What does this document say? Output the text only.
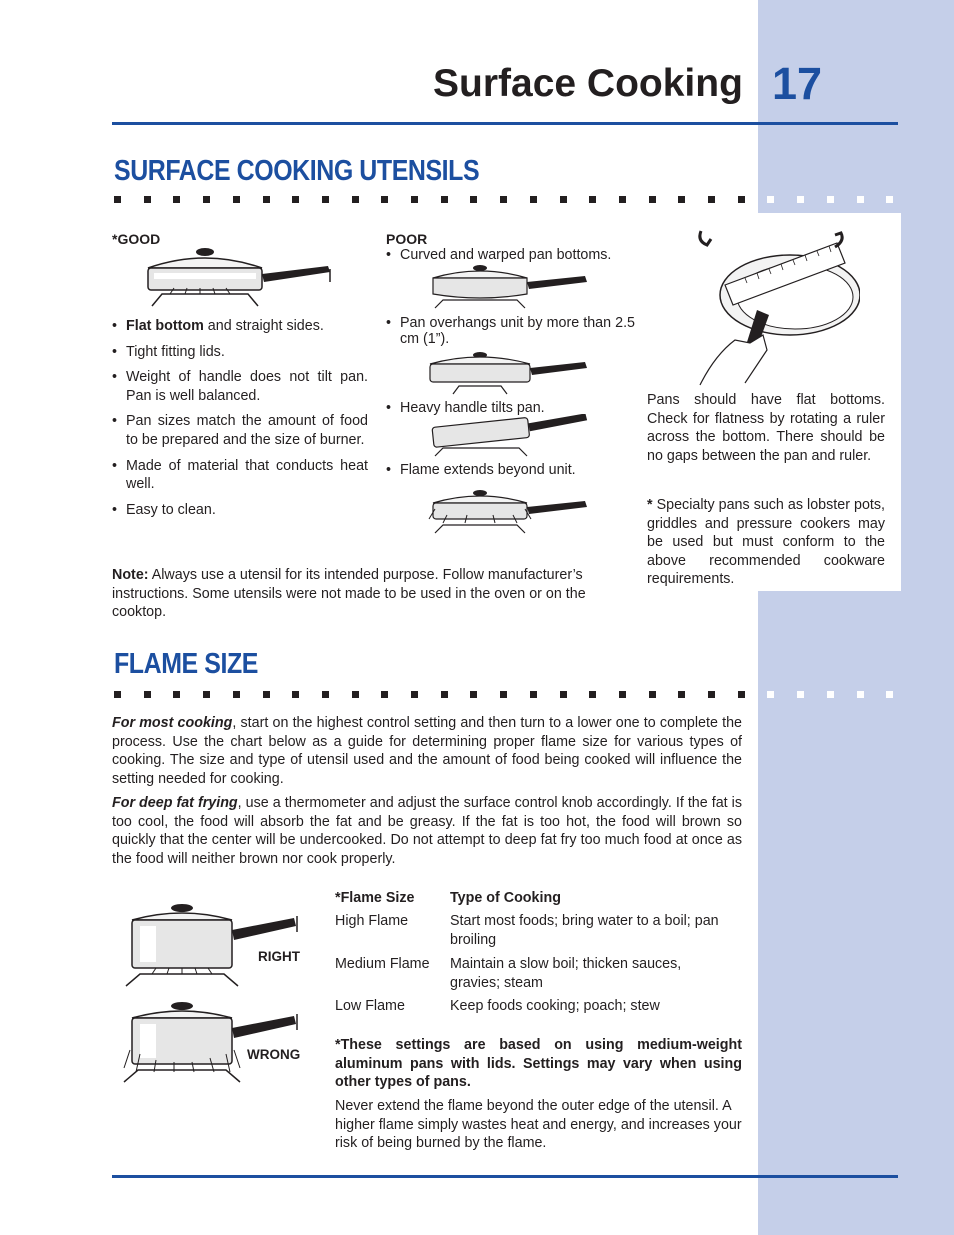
Surface Cooking 17
SURFACE COOKING UTENSILS
*GOOD
• Flat bottom and straight sides.
• Tight fitting lids.
• Weight of handle does not tilt pan. Pan is well balanced.
• Pan sizes match the amount of food to be prepared and the size of burner.
• Made of material that conducts heat well.
• Easy to clean.
POOR
• Curved and warped pan bottoms.
• Pan overhangs unit by more than 2.5 cm (1”).
• Heavy handle tilts pan.
• Flame extends beyond unit.
Pans should have flat bottoms. Check for flatness by rotating a ruler across the bottom. There should be no gaps between the pan and ruler.
* Specialty pans such as lobster pots, griddles and pressure cookers may be used but must conform to the above recommended cookware requirements.
Note: Always use a utensil for its intended purpose. Follow manufacturer’s instructions. Some utensils were not made to be used in the oven or on the cooktop.
FLAME SIZE
For most cooking, start on the highest control setting and then turn to a lower one to complete the process. Use the chart below as a guide for determining proper flame size for various types of cooking. The size and type of utensil used and the amount of food being cooked will influence the setting needed for cooking.
For deep fat frying, use a thermometer and adjust the surface control knob accordingly. If the fat is too cool, the food will absorb the fat and be greasy. If the fat is too hot, the food will brown so quickly that the center will be undercooked. Do not attempt to deep fat fry too much food at once as the food will neither brown nor cook properly.
RIGHT
WRONG
*Flame Size Type of Cooking
High Flame	Start most foods; bring water to a boil; pan broiling
Medium Flame Maintain a slow boil; thicken sauces, gravies; steam
Low Flame	Keep foods cooking; poach; stew
*These settings are based on using medium-weight aluminum pans with lids. Settings may vary when using other types of pans.
Never extend the flame beyond the outer edge of the utensil. A higher flame simply wastes heat and energy, and increases your risk of being burned by the flame.
